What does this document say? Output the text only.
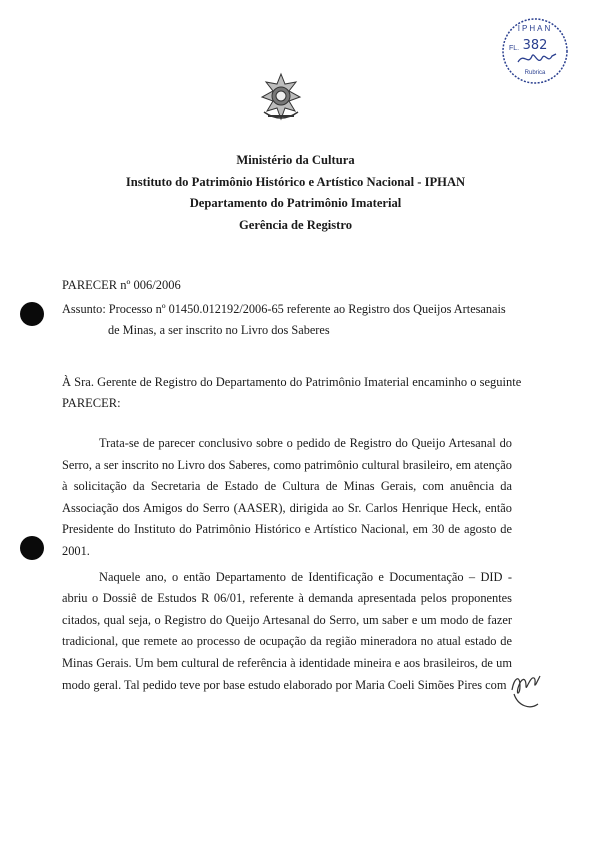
IPHAN
FL. 382
Rubrica
Ministério da Cultura
Instituto do Patrimônio Histórico e Artístico Nacional - IPHAN
Departamento do Patrimônio Imaterial
Gerência de Registro
PARECER nº 006/2006
Assunto: Processo nº 01450.012192/2006-65 referente ao Registro dos Queijos Artesanais
de Minas, a ser inscrito no Livro dos Saberes
À Sra. Gerente de Registro do Departamento do Patrimônio Imaterial encaminho o seguinte
PARECER:

Trata-se de parecer conclusivo sobre o pedido de Registro do Queijo Artesanal do Serro, a ser inscrito no Livro dos Saberes, como patrimônio cultural brasileiro, em atenção à solicitação da Secretaria de Estado de Cultura de Minas Gerais, com anuência da Associação dos Amigos do Serro (AASER), dirigida ao Sr. Carlos Henrique Heck, então Presidente do Instituto do Patrimônio Histórico e Artístico Nacional, em 30 de agosto de 2001.

Naquele ano, o então Departamento de Identificação e Documentação – DID - abriu o Dossiê de Estudos R 06/01, referente à demanda apresentada pelos proponentes citados, qual seja, o Registro do Queijo Artesanal do Serro, um saber e um modo de fazer tradicional, que remete ao processo de ocupação da região mineradora no atual estado de Minas Gerais. Um bem cultural de referência à identidade mineira e aos brasileiros, de um modo geral. Tal pedido teve por base estudo elaborado por Maria Coeli Simões Pires com
